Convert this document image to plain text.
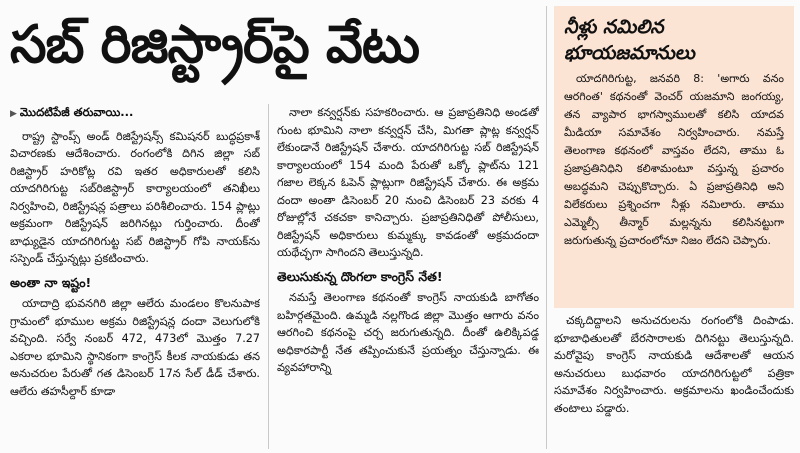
సబ్ రిజిస్ట్రార్‌పై వేటు
▶ మొదటిపేజీ తరువాయి...

రాష్ట్ర స్టాంప్స్ అండ్ రిజిస్ట్రేషన్స్ కమిషనర్ బుద్ధప్రకాశ్ విచారణకు ఆదేశించారు. రంగంలోకి దిగిన జిల్లా సబ్ రిజిస్ట్రార్ హరికోట్ల రవి ఇతర అధికారులతో కలిసి యాదగిరిగుట్ట సబ్‌రిజిస్ట్రార్ కార్యాలయంలో తనిఖీలు నిర్వహించి, రిజిస్ట్రేషన్ల పత్రాలు పరిశీలించారు. 154 ప్లాట్లు అక్రమంగా రిజిస్ట్రేషన్ జరిగినట్లు గుర్తించారు. దీంతో బాధ్యుడైన యాదగిరిగుట్ట సబ్ రిజిస్ట్రార్ గోపి నాయక్‌ను సస్పెండ్ చేస్తున్నట్లు ప్రకటించారు.

అంతా నా ఇష్టం!

యాదాద్రి భువనగిరి జిల్లా ఆలేరు మండలం కొలనుపాక గ్రామంలో భూముల అక్రమ రిజిస్ట్రేషన్ల దందా వెలుగులోకి వచ్చింది. సర్వే నంబర్ 472, 473లో మొత్తం 7.27 ఎకరాల భూమిని స్థానికంగా కాంగ్రెస్ కీలక నాయకుడు తన అనుచరుల పేరుతో గత డిసెంబర్ 17న సేల్ డీడ్ చేశారు. ఆలేరు తహసీల్దార్ కూడా

నాలా కన్వర్షన్‌కు సహకరించారు. ఆ ప్రజాప్రతినిధి అండతో గుంట భూమిని నాలా కన్వర్షన్ చేసి, మిగతా ప్లాట్ల కన్వర్షన్ లేకుండానే రిజిస్ట్రేషన్ చేశారు. యాదగిరిగుట్ట సబ్ రిజిస్ట్రేషన్ కార్యాలయంలో 154 మంది పేరుతో ఒక్కో ప్లాట్‌ను 121 గజాల లెక్కన ఓపెన్ ప్లాట్లుగా రిజిస్ట్రేషన్ చేశారు. ఈ అక్రమ దందా అంతా డిసెంబర్ 20 నుంచి డిసెంబర్ 23 వరకు 4 రోజుల్లోనే చకచకా కానిచ్చారు. ప్రజాప్రతినిధితో పోలీసులు, రిజిస్ట్రేషన్ అధికారులు కుమ్మక్కు కావడంతో అక్రమదందా యథేచ్ఛగా సాగిందని తెలుస్తున్నది.

తెలుసుకున్న దొంగలా కాంగ్రెస్ నేత!

నమస్తే తెలంగాణ కథనంతో కాంగ్రెస్ నాయకుడి బాగోతం బహిర్గతమైంది. ఉమ్మడి నల్లగొండ జిల్లా మొత్తం ఆగారు వనం ఆరగించి కథనంపై చర్చ జరుగుతున్నది. దీంతో ఉలిక్కిపడ్డ అధికారపార్టీ నేత తప్పించుకునే ప్రయత్నం చేస్తున్నాడు. ఈ వ్యవహారాన్ని

నీళ్లు నమిలిన భూయజమానులు
యాదగిరిగుట్ట, జనవరి 8: 'అగారు వనం ఆరగింత' కథనంతో వెంచర్ యజమాని జంగయ్య, తన వ్యాపార భాగస్వాములతో కలిసి యాదవ మీడియా సమావేశం నిర్వహించారు. నమస్తే తెలంగాణ కథనంలో వాస్తవం లేదని, తాము ఓ ప్రజాప్రతినిధిని కలిశామంటూ వస్తున్న ప్రచారం అబద్ధమని చెప్పుకొచ్చారు. ఏ ప్రజాప్రతినిధి అని విలేకరులు ప్రశ్నించగా నీళ్లు నమిలారు. తాము ఎమ్మెల్సీ తీన్మార్ మల్లన్నను కలిసినట్టుగా జరుగుతున్న ప్రచారంలోనూ నిజం లేదని చెప్పారు.

చక్కదిద్దాలని అనుచరులను రంగంలోకి దింపాడు. భూబాధితులతో బేరసారాలకు దిగినట్టు తెలుస్తున్నది. మరోవైపు కాంగ్రెస్ నాయకుడి ఆదేశాలతో ఆయన అనుచరులు బుధవారం యాదగిరిగుట్టలో పత్రికా సమావేశం నిర్వహించారు. అక్రమాలను ఖండించేందుకు తంటాలు పడ్డారు.
